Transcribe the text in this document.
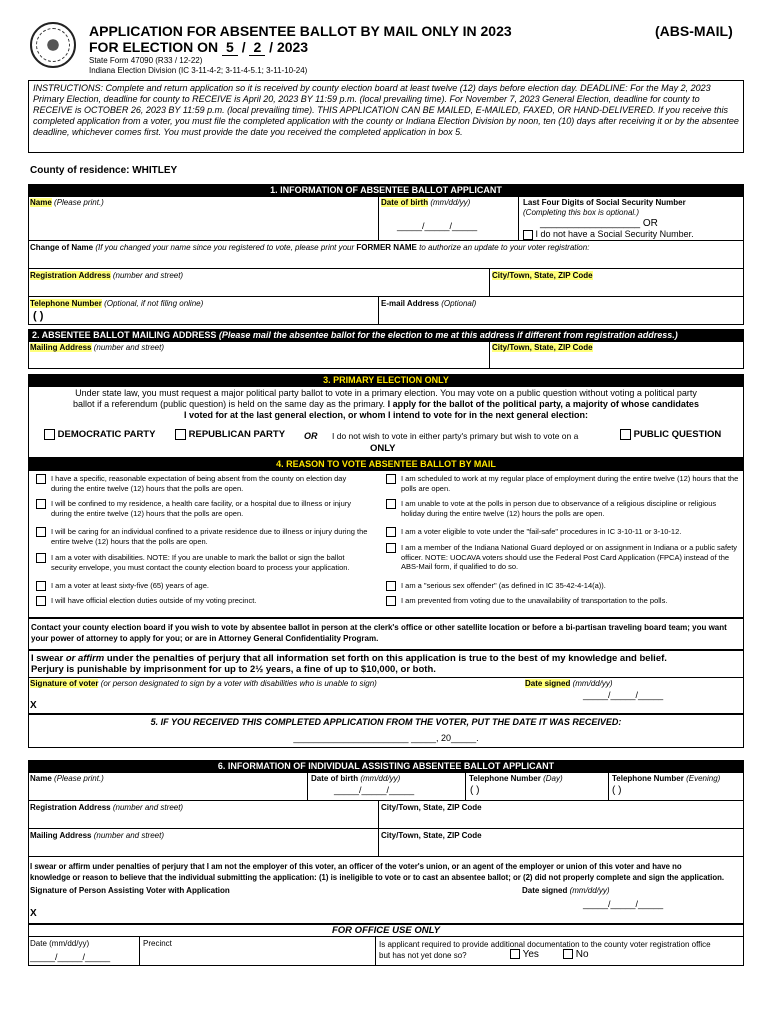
APPLICATION FOR ABSENTEE BALLOT BY MAIL ONLY IN 2023
FOR ELECTION ON 5 / 2 / 2023
(ABS-MAIL)
State Form 47090 (R33 / 12-22)
Indiana Election Division (IC 3-11-4-2; 3-11-4-5.1; 3-11-10-24)
INSTRUCTIONS: Complete and return application so it is received by county election board at least twelve (12) days before election day. DEADLINE: For the May 2, 2023 Primary Election, deadline for county to RECEIVE is April 20, 2023 BY 11:59 p.m. (local prevailing time). For November 7, 2023 General Election, deadline for county to RECEIVE is OCTOBER 26, 2023 BY 11:59 p.m. (local prevailing time). THIS APPLICATION CAN BE MAILED, E-MAILED, FAXED, OR HAND-DELIVERED. If you receive this completed application from a voter, you must file the completed application with the county or Indiana Election Division by noon, ten (10) days after receiving it or by the absentee deadline, whichever comes first. You must provide the date you received the completed application in box 5.
County of residence: WHITLEY
1. INFORMATION OF ABSENTEE BALLOT APPLICANT
Name (Please print.)	Date of birth (mm/dd/yy)
_____/_____/_____
Last Four Digits of Social Security Number
(Completing this box is optional.)
__________________ OR
I do not have a Social Security Number.
Change of Name (If you changed your name since you registered to vote, please print your FORMER NAME to authorize an update to your voter registration:
Registration Address (number and street)	City/Town, State, ZIP Code
Telephone Number (Optional, if not filing online)
( )
E-mail Address (Optional)
2. ABSENTEE BALLOT MAILING ADDRESS (Please mail the absentee ballot for the election to me at this address if different from registration address.)
Mailing Address (number and street)	City/Town, State, ZIP Code
3. PRIMARY ELECTION ONLY
Under state law, you must request a major political party ballot to vote in a primary election. You may vote on a public question without voting a political party
ballot if a referendum (public question) is held on the same day as the primary. I apply for the ballot of the political party, a majority of whose candidates
I voted for at the last general election, or whom I intend to vote for in the next general election:
DEMOCRATIC PARTY	REPUBLICAN PARTY OR I do not wish to vote in either party's primary but wish to vote on a	PUBLIC QUESTION
ONLY
4. REASON TO VOTE ABSENTEE BALLOT BY MAIL
I have a specific, reasonable expectation of being absent from the county on election day during the entire twelve (12) hours that the polls are open.
I will be confined to my residence, a health care facility, or a hospital due to illness or injury during the entire twelve (12) hours that the polls are open.
I will be caring for an individual confined to a private residence due to illness or injury during the entire twelve (12) hours that the polls are open.
I am a voter with disabilities. NOTE: If you are unable to mark the ballot or sign the ballot security envelope, you must contact the county election board to process your application.
I am a voter at least sixty-five (65) years of age.
I will have official election duties outside of my voting precinct.
I am scheduled to work at my regular place of employment during the entire twelve (12) hours that the polls are open.
I am unable to vote at the polls in person due to observance of a religious discipline or religious holiday during the entire twelve (12) hours the polls are open.
I am a voter eligible to vote under the "fail-safe" procedures in IC 3-10-11 or 3-10-12.
I am a member of the Indiana National Guard deployed or on assignment in Indiana or a public safety officer. NOTE: UOCAVA voters should use the Federal Post Card Application (FPCA) instead of the ABS-Mail form, if qualified to do so.
I am a "serious sex offender" (as defined in IC 35-42-4-14(a)).
I am prevented from voting due to the unavailability of transportation to the polls.
Contact your county election board if you wish to vote by absentee ballot in person at the clerk's office or other satellite location or before a bi-partisan traveling board team; you want your power of attorney to apply for you; or are in Attorney General Confidentiality Program.
I swear or affirm under the penalties of perjury that all information set forth on this application is true to the best of my knowledge and belief.
Perjury is punishable by imprisonment for up to 2½ years, a fine of up to $10,000, or both.
Signature of voter (or person designated to sign by a voter with disabilities who is unable to sign)	Date signed (mm/dd/yy)
_____/_____/_____
X
5. IF YOU RECEIVED THIS COMPLETED APPLICATION FROM THE VOTER, PUT THE DATE IT WAS RECEIVED:
_______________________ _____, 20_____.
6. INFORMATION OF INDIVIDUAL ASSISTING ABSENTEE BALLOT APPLICANT
Name (Please print.)	Date of birth (mm/dd/yy)
_____/_____/_____
Telephone Number (Day)
( )
Telephone Number (Evening)
( )
Registration Address (number and street)	City/Town, State, ZIP Code
Mailing Address (number and street)	City/Town, State, ZIP Code
I swear or affirm under penalties of perjury that I am not the employer of this voter, an officer of the voter's union, or an agent of the employer or union of this voter and have no
knowledge or reason to believe that the individual submitting the application: (1) is ineligible to vote or to cast an absentee ballot; or (2) did not properly complete and sign the application.
Signature of Person Assisting Voter with Application	Date signed (mm/dd/yy)
_____/_____/_____
X
FOR OFFICE USE ONLY
Date (mm/dd/yy)
_____/_____/_____
Precinct	Is applicant required to provide additional documentation to the county voter registration office but has not yet done so?	Yes	No
